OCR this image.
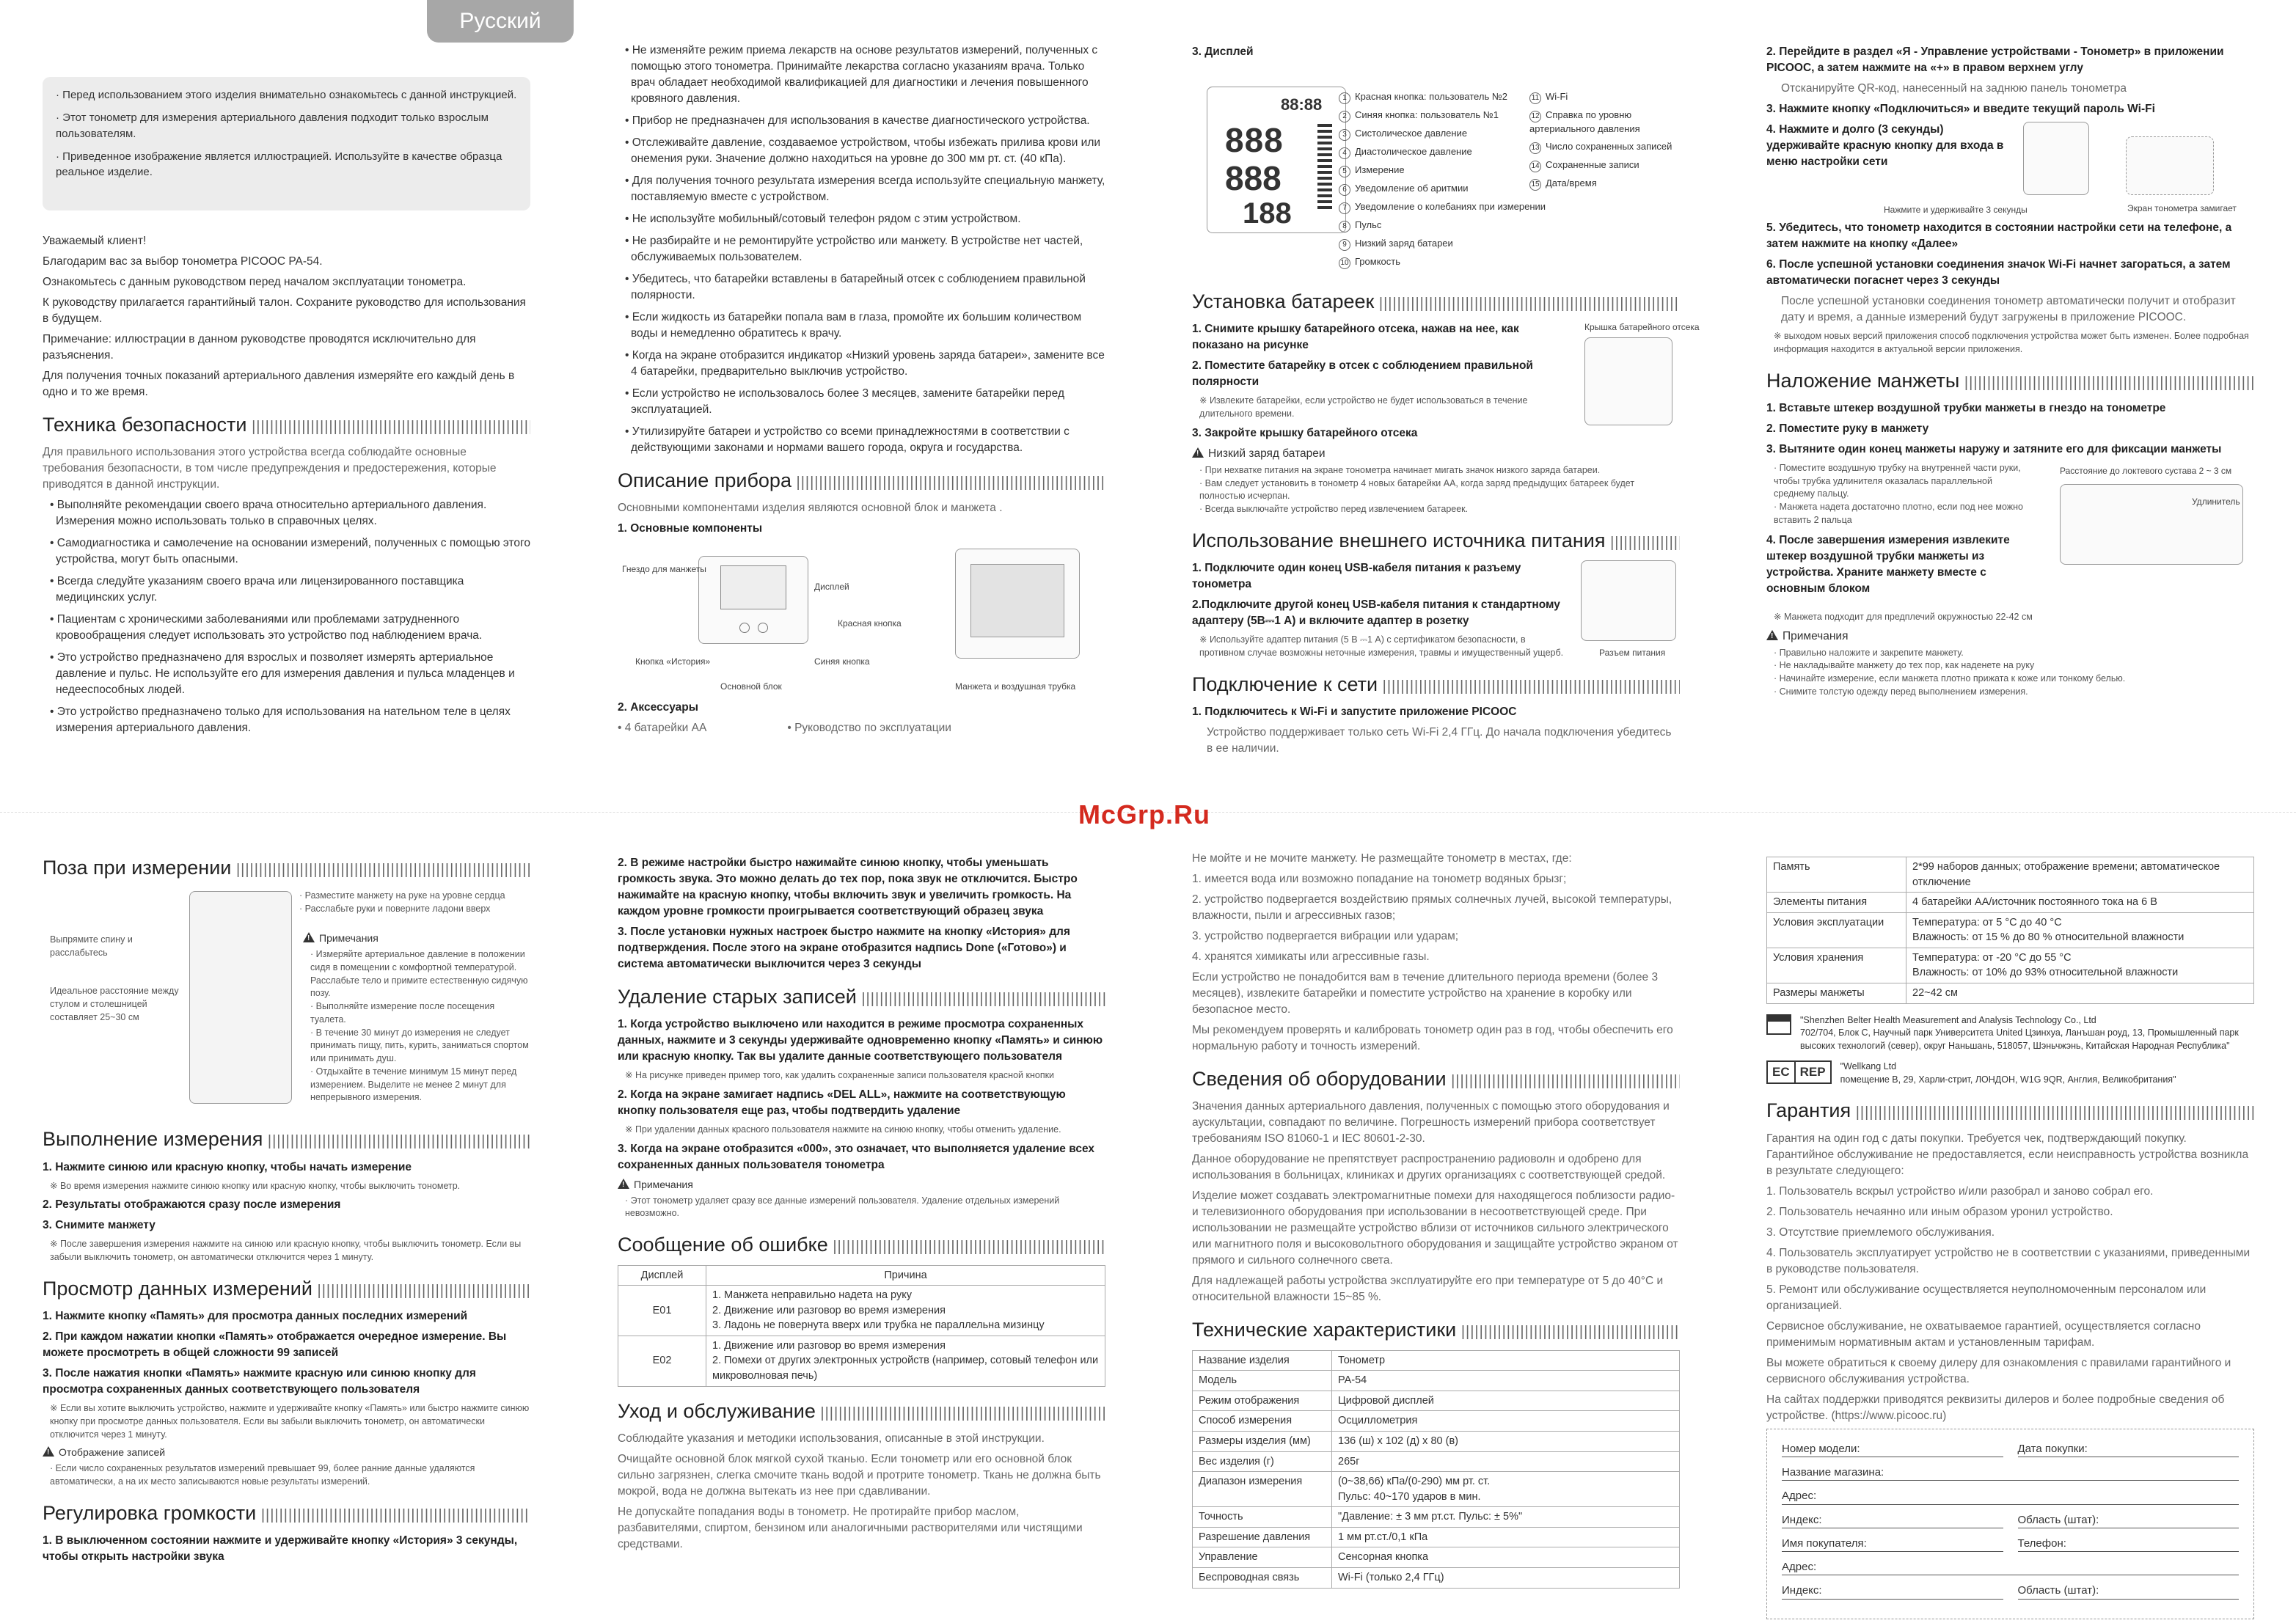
Русский
McGrp.Ru
· Перед использованием этого изделия внимательно ознакомьтесь с данной инструкцией.
· Этот тонометр для измерения артериального давления подходит только взрослым пользователям.
· Приведенное изображение является иллюстрацией. Используйте в качестве образца реальное изделие.

Уважаемый клиент!

Благодарим вас за выбор тонометра PICOOC PA-54.

Ознакомьтесь с данным руководством перед началом эксплуатации тонометра.

К руководству прилагается гарантийный талон. Сохраните руководство для использования в будущем.

Примечание: иллюстрации в данном руководстве проводятся исключительно для разъяснения.

Для получения точных показаний артериального давления измеряйте его каждый день в одно и то же время.

Техника безопасности ||||||||||||||||||||||||||||||||||||||||||||||||||||||||||||||||||||||||||||||||||||||||

Для правильного использования этого устройства всегда соблюдайте основные требования безопасности, в том числе предупреждения и предостережения, которые приводятся в данной инструкции.

• Выполняйте рекомендации своего врача относительно артериального давления. Измерения можно использовать только в справочных целях.
• Самодиагностика и самолечение на основании измерений, полученных с помощью этого устройства, могут быть опасными.
• Всегда следуйте указаниям своего врача или лицензированного поставщика медицинских услуг.
• Пациентам с хроническими заболеваниями или проблемами затрудненного кровообращения следует использовать это устройство под наблюдением врача.
• Это устройство предназначено для взрослых и позволяет измерять артериальное давление и пульс. Не используйте его для измерения давления и пульса младенцев и недееспособных людей.
• Это устройство предназначено только для использования на нательном теле в целях измерения артериального давления.
• Не изменяйте режим приема лекарств на основе результатов измерений, полученных с помощью этого тонометра. Принимайте лекарства согласно указаниям врача. Только врач обладает необходимой квалификацией для диагностики и лечения повышенного кровяного давления.
• Прибор не предназначен для использования в качестве диагностического устройства.
• Отслеживайте давление, создаваемое устройством, чтобы избежать прилива крови или онемения руки. Значение должно находиться на уровне до 300 мм рт. ст. (40 кПа).
• Для получения точного результата измерения всегда используйте специальную манжету, поставляемую вместе с устройством.
• Не используйте мобильный/сотовый телефон рядом с этим устройством.
• Не разбирайте и не ремонтируйте устройство или манжету. В устройстве нет частей, обслуживаемых пользователем.
• Убедитесь, что батарейки вставлены в батарейный отсек с соблюдением правильной полярности.
• Если жидкость из батарейки попала вам в глаза, промойте их большим количеством воды и немедленно обратитесь к врачу.
• Когда на экране отобразится индикатор «Низкий уровень заряда батареи», замените все 4 батарейки, предварительно выключив устройство.
• Если устройство не использовалось более 3 месяцев, замените батарейки перед эксплуатацией.
• Утилизируйте батареи и устройство со всеми принадлежностями в соответствии с действующими законами и нормами вашего города, округа и государства.
Описание прибора ||||||||||||||||||||||||||||||||||||||||||||||||||||||||||||||||||||||||||||||||||||||||

Основными компонентами изделия являются основной блок и манжета .

1. Основные компоненты
Гнездо для манжеты
Дисплей
Красная кнопка
Кнопка «История»	Синяя кнопка
Основной блок	Манжета и воздушная трубка
2. Аксессуары
• 4 батарейки АА	• Руководство по эксплуатации
3. Дисплей
88:88
888
888
188
1 Красная кнопка: пользователь №2
2 Синяя кнопка: пользователь №1
3 Систолическое давление
4 Диастолическое давление
5 Измерение
6 Уведомление об аритмии
7 Уведомление о колебаниях при измерении
8 Пульс
9 Низкий заряд батареи
10 Громкость
11 Wi-Fi
12 Справка по уровню артериального давления
13 Число сохраненных записей
14 Сохраненные записи
15 Дата/время
Установка батареек ||||||||||||||||||||||||||||||||||||||||||||||||||||||||||||||||||||||||||||||||||||||||
1. Снимите крышку батарейного отсека, нажав на нее, как показано на рисунке
2. Поместите батарейку в отсек с соблюдением правильной полярности
※ Извлеките батарейки, если устройство не будет использоваться в течение длительного времени.
3. Закройте крышку батарейного отсека
Крышка батарейного отсека
!Низкий заряд батареи
· При нехватке питания на экране тонометра начинает мигать значок низкого заряда батареи.
· Вам следует установить в тонометр 4 новых батарейки АА, когда заряд предыдущих батареек будет полностью исчерпан.
· Всегда выключайте устройство перед извлечением батареек.
Использование внешнего источника питания ||||||||||||||||||||||||||||||||||||||||||||||||||||||||||||||||||||||||||||||||||||||||
1. Подключите один конец USB-кабеля питания к разъему тонометра
2.Подключите другой конец USB-кабеля питания к стандартному адаптеру (5В⎓1 А) и включите адаптер в розетку
※ Используйте адаптер питания (5 В ⎓1 А) с сертификатом безопасности, в противном случае возможны неточные измерения, травмы и имущественный ущерб.	Разъем питания
Подключение к сети ||||||||||||||||||||||||||||||||||||||||||||||||||||||||||||||||||||||||||||||||||||||||
1. Подключитесь к Wi-Fi и запустите приложение PICOOC

Устройство поддерживает только сеть Wi-Fi 2,4 ГГц. До начала подключения убедитесь в ее наличии.

2. Перейдите в раздел «Я - Управление устройствами - Тонометр» в приложении PICOOC, а затем нажмите на «+» в правом верхнем углу

Отсканируйте QR-код, нанесенный на заднюю панель тонометра

3. Нажмите кнопку «Подключиться» и введите текущий пароль Wi-Fi
4. Нажмите и долго (3 секунды) удерживайте красную кнопку для входа в меню настройки сети
Нажмите и удерживайте 3 секунды	Экран тонометра замигает
5. Убедитесь, что тонометр находится в состоянии настройки сети на телефоне, а затем нажмите на кнопку «Далее»
6. После успешной установки соединения значок Wi-Fi начнет загораться, а затем автоматически погаснет через 3 секунды

После успешной установки соединения тонометр автоматически получит и отобразит дату и время, а данные измерений будут загружены в приложение PICOOC.

※ выходом новых версий приложения способ подключения устройства может быть изменен. Более подробная информация находится в актуальной версии приложения.
Наложение манжеты ||||||||||||||||||||||||||||||||||||||||||||||||||||||||||||||||||||||||||||||||||||||||
1. Вставьте штекер воздушной трубки манжеты в гнездо на тонометре
2. Поместите руку в манжету
3. Вытяните один конец манжеты наружу и затяните его для фиксации манжеты
· Поместите воздушную трубку на внутренней части руки, чтобы трубка удлинителя оказалась параллельной среднему пальцу.
· Манжета надета достаточно плотно, если под нее можно вставить 2 пальца
4. После завершения измерения извлеките штекер воздушной трубки манжеты из устройства. Храните манжету вместе с основным блоком
Расстояние до локтевого сустава 2 ~ 3 см
Удлинитель
※ Манжета подходит для предплечий окружностью 22-42 см
!Примечания
· Правильно наложите и закрепите манжету.
· Не накладывайте манжету до тех пор, как наденете на руку
· Начинайте измерение, если манжета плотно прижата к коже или тонкому белью.
· Снимите толстую одежду перед выполнением измерения.
Поза при измерении ||||||||||||||||||||||||||||||||||||||||||||||||||||||||||||||||||||||||||||||||||||||||
· Разместите манжету на руке на уровне сердца
· Расслабьте руки и поверните ладони вверх
Выпрямите спину и расслабьтесь
Идеальное расстояние между стулом и столешницей составляет 25~30 см
!Примечания
· Измеряйте артериальное давление в положении сидя в помещении с комфортной температурой. Расслабьте тело и примите естественную сидячую позу.
· Выполняйте измерение после посещения туалета.
· В течение 30 минут до измерения не следует принимать пищу, пить, курить, заниматься спортом или принимать душ.
· Отдыхайте в течение минимум 15 минут перед измерением. Выделите не менее 2 минут для непрерывного измерения.
Выполнение измерения ||||||||||||||||||||||||||||||||||||||||||||||||||||||||||||||||||||||||||||||||||||||||
1. Нажмите синюю или красную кнопку, чтобы начать измерение
※ Во время измерения нажмите синюю кнопку или красную кнопку, чтобы выключить тонометр.
2. Результаты отображаются сразу после измерения
3. Снимите манжету
※ После завершения измерения нажмите на синюю или красную кнопку, чтобы выключить тонометр. Если вы забыли выключить тонометр, он автоматически отключится через 1 минуту.
Просмотр данных измерений ||||||||||||||||||||||||||||||||||||||||||||||||||||||||||||||||||||||||||||||||||||||||
1. Нажмите кнопку «Память» для просмотра данных последних измерений
2. При каждом нажатии кнопки «Память» отображается очередное измерение. Вы можете просмотреть в общей сложности 99 записей
3. После нажатия кнопки «Память» нажмите красную или синюю кнопку для просмотра сохраненных данных соответствующего пользователя
※ Если вы хотите выключить устройство, нажмите и удерживайте кнопку «Память» или быстро нажмите синюю кнопку при просмотре данных пользователя. Если вы забыли выключить тонометр, он автоматически отключится через 1 минуту.
!Отображение записей
· Если число сохраненных результатов измерений превышает 99, более ранние данные удаляются автоматически, а на их место записываются новые результаты измерений.
Регулировка громкости ||||||||||||||||||||||||||||||||||||||||||||||||||||||||||||||||||||||||||||||||||||||||
1. В выключенном состоянии нажмите и удерживайте кнопку «История» 3 секунды, чтобы открыть настройки звука
2. В режиме настройки быстро нажимайте синюю кнопку, чтобы уменьшать громкость звука. Это можно делать до тех пор, пока звук не отключится. Быстро нажимайте на красную кнопку, чтобы включить звук и увеличить громкость. На каждом уровне громкости проигрывается соответствующий образец звука
3. После установки нужных настроек быстро нажмите на кнопку «История» для подтверждения. После этого на экране отобразится надпись Done («Готово») и система автоматически выключится через 3 секунды
Удаление старых записей ||||||||||||||||||||||||||||||||||||||||||||||||||||||||||||||||||||||||||||||||||||||||
1. Когда устройство выключено или находится в режиме просмотра сохраненных данных, нажмите и 3 секунды удерживайте одновременно кнопку «Память» и синюю или красную кнопку. Так вы удалите данные соответствующего пользователя
※ На рисунке приведен пример того, как удалить сохраненные записи пользователя красной кнопки
2. Когда на экране замигает надпись «DEL ALL», нажмите на соответствующую кнопку пользователя еще раз, чтобы подтвердить удаление
※ При удалении данных красного пользователя нажмите на синюю кнопку, чтобы отменить удаление.
3. Когда на экране отобразится «000», это означает, что выполняется удаление всех сохраненных данных пользователя тонометра
!Примечания
· Этот тонометр удаляет сразу все данные измерений пользователя. Удаление отдельных измерений невозможно.
Сообщение об ошибке ||||||||||||||||||||||||||||||||||||||||||||||||||||||||||||||||||||||||||||||||||||||||
Дисплей	Причина
E01	1. Манжета неправильно надета на руку
2. Движение или разговор во время измерения
3. Ладонь не повернута вверх или трубка не параллельна мизинцу

E02	1. Движение или разговор во время измерения
2. Помехи от других электронных устройств (например, сотовый телефон или микроволновая печь)
Уход и обслуживание ||||||||||||||||||||||||||||||||||||||||||||||||||||||||||||||||||||||||||||||||||||||||

Соблюдайте указания и методики использования, описанные в этой инструкции.

Очищайте основной блок мягкой сухой тканью. Если тонометр или его основной блок сильно загрязнен, слегка смочите ткань водой и протрите тонометр. Ткань не должна быть мокрой, вода не должна вытекать из нее при сдавливании.

Не допускайте попадания воды в тонометр. Не протирайте прибор маслом, разбавителями, спиртом, бензином или аналогичными растворителями или чистящими средствами.

Не мойте и не мочите манжету. Не размещайте тонометр в местах, где:

1. имеется вода или возможно попадание на тонометр водяных брызг;

2. устройство подвергается воздействию прямых солнечных лучей, высокой температуры, влажности, пыли и агрессивных газов;

3. устройство подвергается вибрации или ударам;

4. хранятся химикаты или агрессивные газы.

Если устройство не понадобится вам в течение длительного периода времени (более 3 месяцев), извлеките батарейки и поместите устройство на хранение в коробку или безопасное место.

Мы рекомендуем проверять и калибровать тонометр один раз в год, чтобы обеспечить его нормальную работу и точность измерений.

Сведения об оборудовании ||||||||||||||||||||||||||||||||||||||||||||||||||||||||||||||||||||||||||||||||||||||||

Значения данных артериального давления, полученных с помощью этого оборудования и аускультации, совпадают по величине. Погрешность измерений прибора соответствует требованиям ISO 81060-1 и IEC 80601-2-30.

Данное оборудование не препятствует распространению радиоволн и одобрено для использования в больницах, клиниках и других организациях с соответствующей средой.

Изделие может создавать электромагнитные помехи для находящегося поблизости радио- и телевизионного оборудования при использовании в несоответствующей среде. При использовании не размещайте устройство вблизи от источников сильного электрического или магнитного поля и высоковольтного оборудования и защищайте устройство экраном от прямого и сильного солнечного света.

Для надлежащей работы устройства эксплуатируйте его при температуре от 5 до 40°C и относительной влажности 15~85 %.

Технические характеристики ||||||||||||||||||||||||||||||||||||||||||||||||||||||||||||||||||||||||||||||||||||||||
Название изделия	Тонометр
Модель	PA-54
Режим отображения	Цифровой дисплей
Способ измерения	Осциллометрия
Размеры изделия (мм)	136 (ш) x 102 (д) x 80 (в)
Вес изделия (г)	265г
Диапазон измерения	(0~38,66) кПа/(0-290) мм рт. ст.
Пульс: 40~170 ударов в мин.
Точность	"Давление: ± 3 мм рт.ст. Пульс: ± 5%"
Разрешение давления	1 мм рт.ст./0,1 кПа
Управление	Сенсорная кнопка
Беспроводная связь	Wi-Fi (только 2,4 ГГц)
Память	2*99 наборов данных; отображение времени; автоматическое отключение
Элементы питания	4 батарейки АА/источник постоянного тока на 6 В
Условия эксплуатации	Температура: от 5 °C до 40 °C
Влажность: от 15 % до 80 % относительной влажности
Условия хранения	Температура: от -20 °C до 55 °C
Влажность: от 10% до 93% относительной влажности
Размеры манжеты	22~42 см
"Shenzhen Belter Health Measurement and Analysis Technology Co., Ltd
702/704, Блок С, Научный парк Университета United Цзинхуа, Ланъшан роуд, 13, Промышленный парк высоких технологий (север), округ Наньшань, 518057, Шэньчжэнь, Китайская Народная Республика"
EC REP	"Wellkang Ltd
помещение B, 29, Харли-стрит, ЛОНДОН, W1G 9QR, Англия, Великобритания"
Гарантия ||||||||||||||||||||||||||||||||||||||||||||||||||||||||||||||||||||||||||||||||||||||||

Гарантия на один год с даты покупки. Требуется чек, подтверждающий покупку. Гарантийное обслуживание не предоставляется, если неисправность устройства возникла в результате следующего:

1. Пользователь вскрыл устройство и/или разобрал и заново собрал его.

2. Пользователь нечаянно или иным образом уронил устройство.

3. Отсутствие приемлемого обслуживания.

4. Пользователь эксплуатирует устройство не в соответствии с указаниями, приведенными в руководстве пользователя.

5. Ремонт или обслуживание осуществляется неуполномоченным персоналом или организацией.

Сервисное обслуживание, не охватываемое гарантией, осуществляется согласно применимым нормативным актам и установленным тарифам.

Вы можете обратиться к своему дилеру для ознакомления с правилами гарантийного и сервисного обслуживания устройства.

На сайтах поддержки приводятся реквизиты дилеров и более подробные сведения об устройстве. (https://www.picooc.ru)

Номер модели:	Дата покупки:
Название магазина:
Адрес:
Индекс:	Область (штат):
Имя покупателя:	Телефон:
Адрес:
Индекс:	Область (штат):
